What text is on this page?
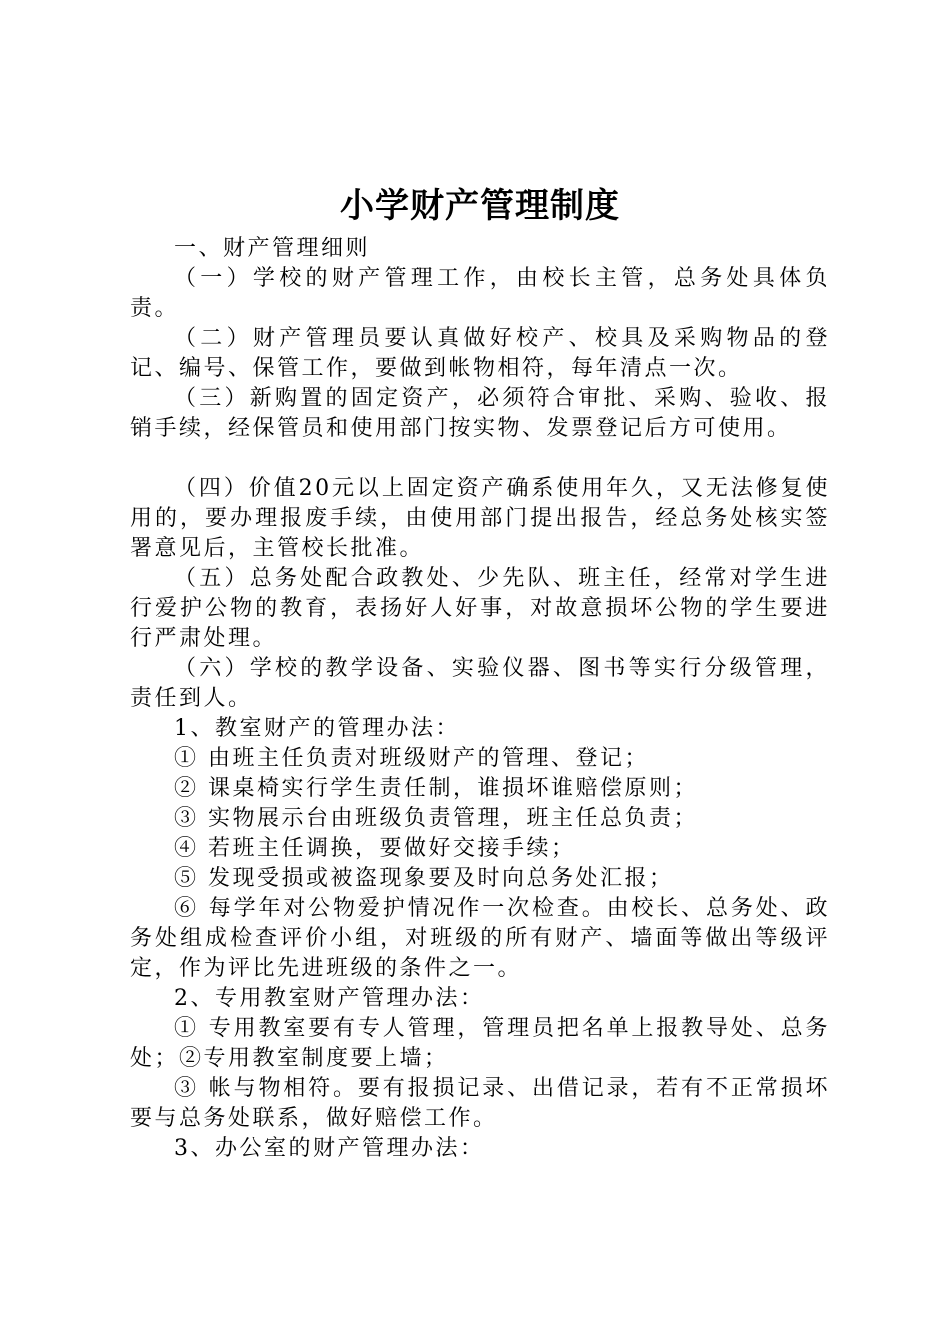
小学财产管理制度

一、财产管理细则

（一）学校的财产管理工作，由校长主管，总务处具体负责。

（二）财产管理员要认真做好校产、校具及采购物品的登记、编号、保管工作，要做到帐物相符，每年清点一次。

（三）新购置的固定资产，必须符合审批、采购、验收、报销手续，经保管员和使用部门按实物、发票登记后方可使用。

（四）价值20元以上固定资产确系使用年久，又无法修复使用的，要办理报废手续，由使用部门提出报告，经总务处核实签署意见后，主管校长批准。

（五）总务处配合政教处、少先队、班主任，经常对学生进行爱护公物的教育，表扬好人好事，对故意损坏公物的学生要进行严肃处理。

（六）学校的教学设备、实验仪器、图书等实行分级管理，责任到人。

1、教室财产的管理办法：

① 由班主任负责对班级财产的管理、登记；

② 课桌椅实行学生责任制，谁损坏谁赔偿原则；

③ 实物展示台由班级负责管理，班主任总负责；

④ 若班主任调换，要做好交接手续；

⑤ 发现受损或被盗现象要及时向总务处汇报；

⑥ 每学年对公物爱护情况作一次检查。由校长、总务处、政务处组成检查评价小组，对班级的所有财产、墙面等做出等级评定，作为评比先进班级的条件之一。

2、专用教室财产管理办法：

① 专用教室要有专人管理，管理员把名单上报教导处、总务处；②专用教室制度要上墙；

③ 帐与物相符。要有报损记录、出借记录，若有不正常损坏要与总务处联系，做好赔偿工作。

3、办公室的财产管理办法：
